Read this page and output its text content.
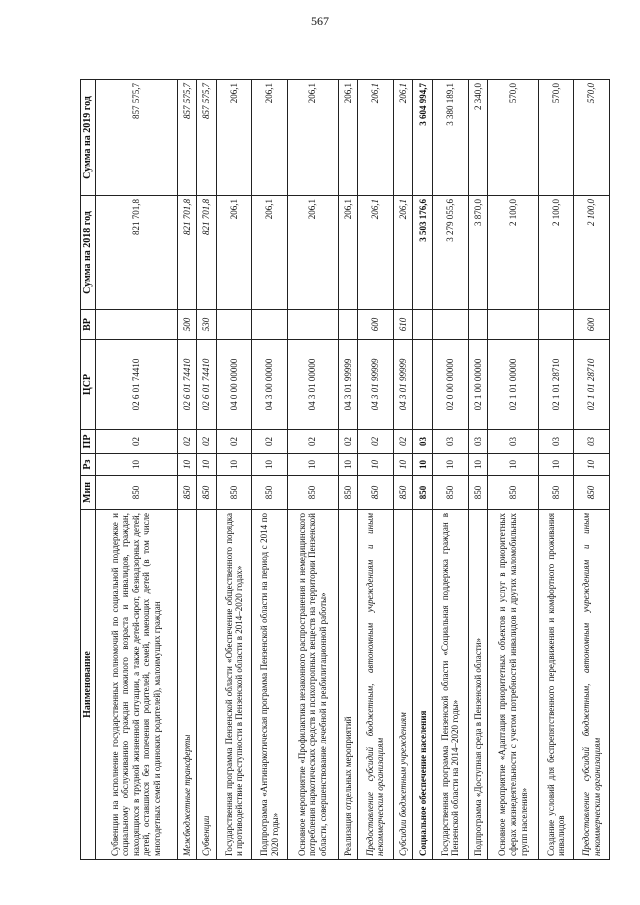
567
Наименование	Мин	Рз	ПР	ЦСР	ВР	Сумма на 2018 год	Сумма на 2019 год
Субвенции на исполнение государственных полномочий по социальной поддержке и социальному обслуживанию граждан пожилого возраста и инвалидов, граждан, находящихся в трудной жизненной ситуации, а также детей-сирот, безнадзорных детей, детей, оставшихся без попечения родителей, семей, имеющих детей (в том числе многодетных семей и одиноких родителей), малоимущих граждан	850	10	02	02 6 01 74410		821 701,8	857 575,7
Межбюджетные трансферты	850	10	02	02 6 01 74410	500	821 701,8	857 575,7
Субвенции	850	10	02	02 6 01 74410	530	821 701,8	857 575,7
Государственная программа Пензенской области «Обеспечение общественного порядка и противодействие преступности в Пензенской области в 2014–2020 годах»	850	10	02	04 0 00 00000		206,1	206,1
Подпрограмма «Антинаркотическая программа Пензенской области на период с 2014 по 2020 годы»	850	10	02	04 3 00 00000		206,1	206,1
Основное мероприятие «Профилактика незаконного распространения и немедицинского потребления наркотических средств и психотропных веществ на территории Пензенской области, совершенствование лечебной и реабилитационной работы»	850	10	02	04 3 01 00000		206,1	206,1
Реализация отдельных мероприятий	850	10	02	04 3 01 99999		206,1	206,1
Предоставление субсидий бюджетным, автономным учреждениям и иным некоммерческим организациям	850	10	02	04 3 01 99999	600	206,1	206,1
Субсидии бюджетным учреждениям	850	10	02	04 3 01 99999	610	206,1	206,1
Социальное обеспечение населения	850	10	03			3 503 176,6	3 604 994,7
Государственная программа Пензенской области «Социальная поддержка граждан в Пензенской области на 2014–2020 годы»	850	10	03	02 0 00 00000		3 279 055,6	3 380 189,1
Подпрограмма «Доступная среда в Пензенской области»	850	10	03	02 1 00 00000		3 870,0	2 340,0
Основное мероприятие «Адаптация приоритетных объектов и услуг в приоритетных сферах жизнедеятельности с учетом потребностей инвалидов и других маломобильных групп населения»	850	10	03	02 1 01 00000		2 100,0	570,0
Создание условий для беспрепятственного передвижения и комфортного проживания инвалидов	850	10	03	02 1 01 28710		2 100,0	570,0
Предоставление субсидий бюджетным, автономным учреждениям и иным некоммерческим организациям	850	10	03	02 1 01 28710	600	2 100,0	570,0
